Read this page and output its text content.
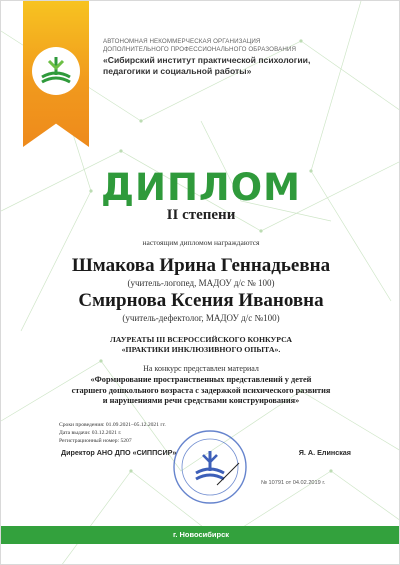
АВТОНОМНАЯ НЕКОММЕРЧЕСКАЯ ОРГАНИЗАЦИЯ
ДОПОЛНИТЕЛЬНОГО ПРОФЕССИОНАЛЬНОГО ОБРАЗОВАНИЯ
«Сибирский институт практической психологии,
педагогики и социальной работы»
ДИПЛОМ
II степени
настоящим дипломом награждаются
Шмакова Ирина Геннадьевна
(учитель-логопед, МАДОУ д/с № 100)
Смирнова Ксения Ивановна
(учитель-дефектолог, МАДОУ д/с №100)
ЛАУРЕАТЫ III ВСЕРОССИЙСКОГО КОНКУРСА
«ПРАКТИКИ ИНКЛЮЗИВНОГО ОПЫТА».
На конкурс представлен материал
«Формирование пространственных представлений у детей
старшего дошкольного возраста с задержкой психического развития
и нарушениями речи средствами конструирования»
Сроки проведения: 01.09.2021–05.12.2021 гг.
Дата выдачи: 03.12.2021 г.
Регистрационный номер: 5207
Директор АНО ДПО «СИППСИР»	Я. А. Елинская
№ 10791 от 04.02.2019 г.
г. Новосибирск
